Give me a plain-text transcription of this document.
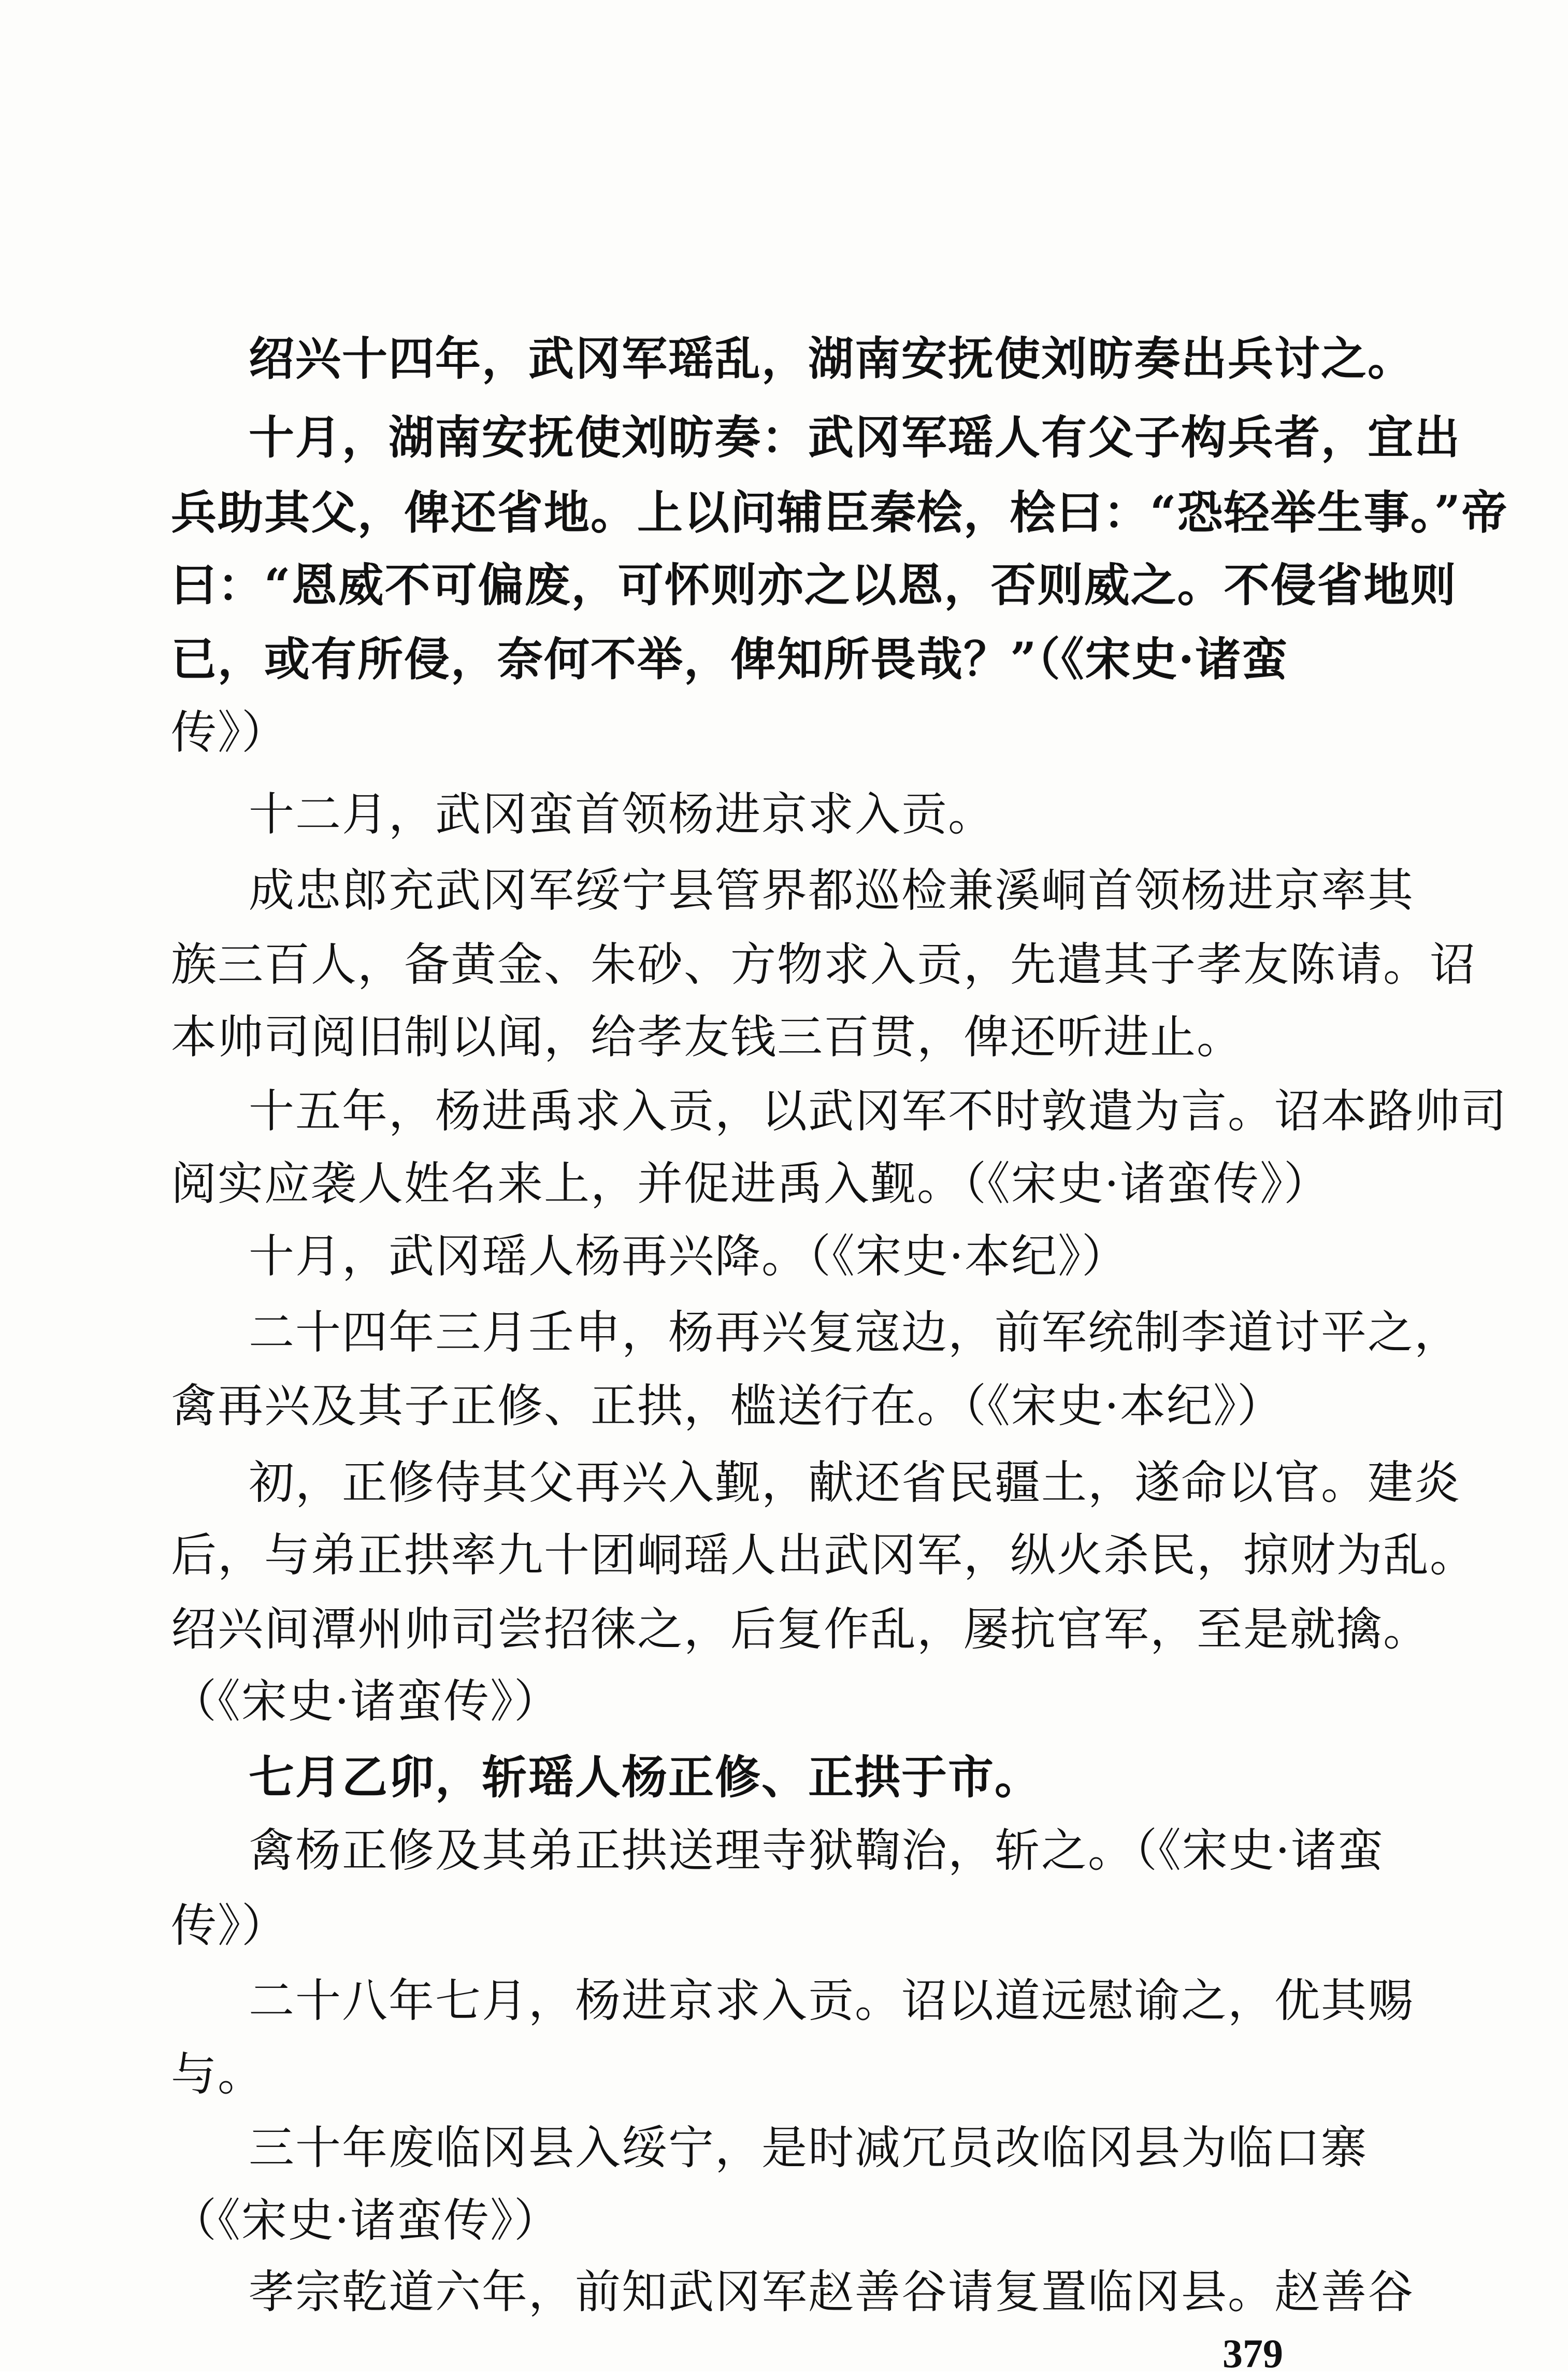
绍兴十四年，武冈军瑶乱，湖南安抚使刘昉奏出兵讨之。
十月，湖南安抚使刘昉奏：武冈军瑶人有父子构兵者，宜出
兵助其父，俾还省地。上以问辅臣秦桧，桧曰：“恐轻举生事。”帝
曰：“恩威不可偏废，可怀则亦之以恩，否则威之。不侵省地则
已，或有所侵，奈何不举，俾知所畏哉？”（《宋史·诸蛮
传》）
十二月，武冈蛮首领杨进京求入贡。
成忠郎充武冈军绥宁县管界都巡检兼溪峒首领杨进京率其
族三百人，备黄金、朱砂、方物求入贡，先遣其子孝友陈请。诏
本帅司阅旧制以闻，给孝友钱三百贯，俾还听进止。
十五年，杨进禹求入贡，以武冈军不时敦遣为言。诏本路帅司
阅实应袭人姓名来上，并促进禹入觐。（《宋史·诸蛮传》）
十月，武冈瑶人杨再兴降。（《宋史·本纪》）
二十四年三月壬申，杨再兴复寇边，前军统制李道讨平之，
禽再兴及其子正修、正拱，槛送行在。（《宋史·本纪》）
初，正修侍其父再兴入觐，献还省民疆土，遂命以官。建炎
后，与弟正拱率九十团峒瑶人出武冈军，纵火杀民，掠财为乱。
绍兴间潭州帅司尝招徕之，后复作乱，屡抗官军，至是就擒。
（《宋史·诸蛮传》）
七月乙卯，斩瑶人杨正修、正拱于市。
禽杨正修及其弟正拱送理寺狱鞫治，斩之。（《宋史·诸蛮
传》）
二十八年七月，杨进京求入贡。诏以道远慰谕之，优其赐
与。
三十年废临冈县入绥宁，是时减冗员改临冈县为临口寨
（《宋史·诸蛮传》）
孝宗乾道六年，前知武冈军赵善谷请复置临冈县。赵善谷
379
